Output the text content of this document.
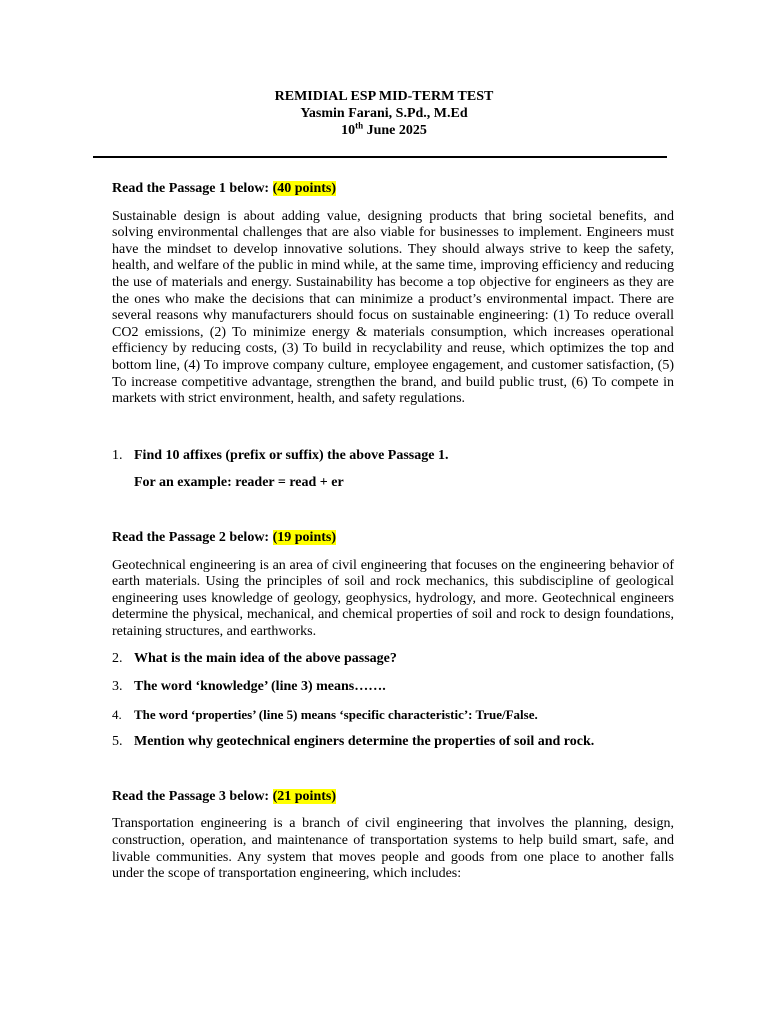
REMIDIAL ESP MID-TERM TEST
Yasmin Farani, S.Pd., M.Ed
10th June 2025

Read the Passage 1 below: (40 points)

Sustainable design is about adding value, designing products that bring societal benefits, and solving environmental challenges that are also viable for businesses to implement. Engineers must have the mindset to develop innovative solutions. They should always strive to keep the safety, health, and welfare of the public in mind while, at the same time, improving efficiency and reducing the use of materials and energy. Sustainability has become a top objective for engineers as they are the ones who make the decisions that can minimize a product’s environmental impact. There are several reasons why manufacturers should focus on sustainable engineering: (1) To reduce overall CO2 emissions, (2) To minimize energy & materials consumption, which increases operational efficiency by reducing costs, (3) To build in recyclability and reuse, which optimizes the top and bottom line, (4) To improve company culture, employee engagement, and customer satisfaction, (5) To increase competitive advantage, strengthen the brand, and build public trust, (6) To compete in markets with strict environment, health, and safety regulations.

1. Find 10 affixes (prefix or suffix) the above Passage 1.

For an example: reader = read + er

Read the Passage 2 below: (19 points)

Geotechnical engineering is an area of civil engineering that focuses on the engineering behavior of earth materials. Using the principles of soil and rock mechanics, this subdiscipline of geological engineering uses knowledge of geology, geophysics, hydrology, and more. Geotechnical engineers determine the physical, mechanical, and chemical properties of soil and rock to design foundations, retaining structures, and earthworks.

2. What is the main idea of the above passage?

3. The word ‘knowledge’ (line 3) means…….

4. The word ‘properties’ (line 5) means ‘specific characteristic’: True/False.

5. Mention why geotechnical enginers determine the properties of soil and rock.

Read the Passage 3 below: (21 points)

Transportation engineering is a branch of civil engineering that involves the planning, design, construction, operation, and maintenance of transportation systems to help build smart, safe, and livable communities. Any system that moves people and goods from one place to another falls under the scope of transportation engineering, which includes:
